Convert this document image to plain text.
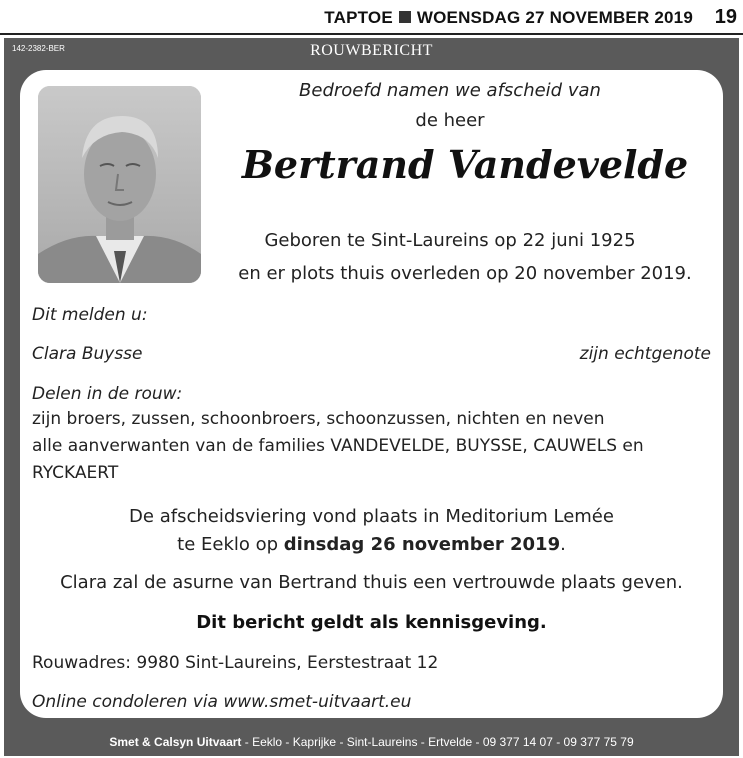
TAPTOE WOENSDAG 27 NOVEMBER 2019 19
142-2382-BER	ROUWBERICHT
Bedroefd namen we afscheid van
de heer
Bertrand Vandevelde
Geboren te Sint-Laureins op 22 juni 1925
en er plots thuis overleden op 20 november 2019.
Dit melden u:
Clara Buysse	zijn echtgenote
Delen in de rouw:
zijn broers, zussen, schoonbroers, schoonzussen, nichten en neven
alle aanverwanten van de families VANDEVELDE, BUYSSE, CAUWELS en
RYCKAERT
De afscheidsviering vond plaats in Meditorium Lemée
te Eeklo op dinsdag 26 november 2019.
Clara zal de asurne van Bertrand thuis een vertrouwde plaats geven.
Dit bericht geldt als kennisgeving.
Rouwadres: 9980 Sint-Laureins, Eerstestraat 12
Online condoleren via www.smet-uitvaart.eu
Smet & Calsyn Uitvaart - Eeklo - Kaprijke - Sint-Laureins - Ertvelde - 09 377 14 07 - 09 377 75 79
